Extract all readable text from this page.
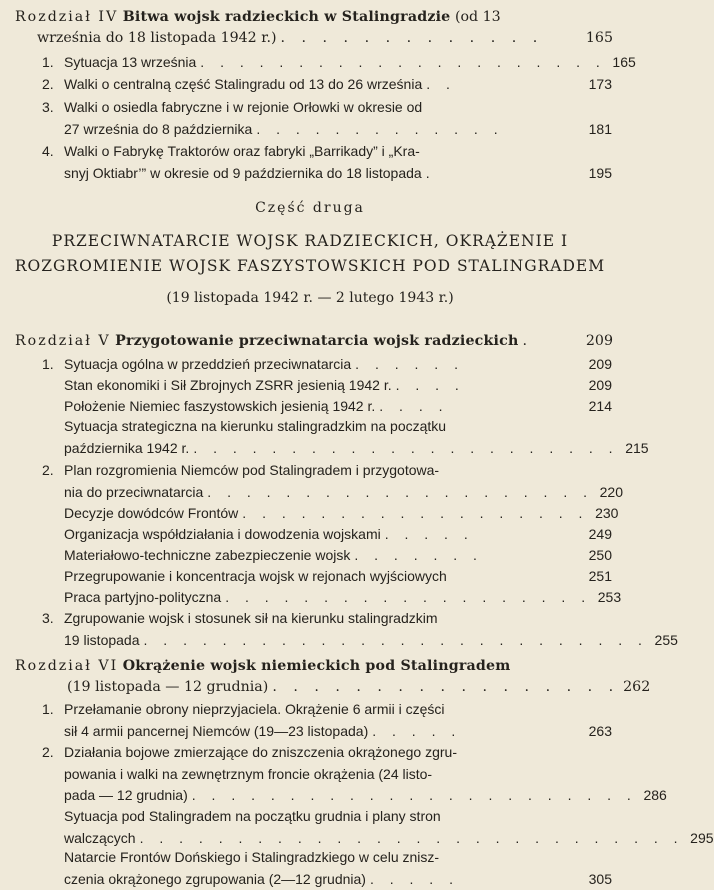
Rozdział IV
Bitwa wojsk radzieckich w Stalingradzie
(od 13
września do 18 listopada 1942 r.) . . . . . . . . . . . . .	165
1. Sytuacja 13 września . . . . . . . . . . . . . . . . . . . . . 165
2. Walki o centralną część Stalingradu od 13 do 26 września . .	173
3. Walki o osiedla fabryczne i w rejonie Orłowki w okresie od
27 września do 8 października . . . . . . . . . . . . .	181
4. Walki o Fabrykę Traktorów oraz fabryki „Barrikady” i „Kra-
snyj Oktiabr’” w okresie od 9 października do 18 listopada .	195
Część druga
PRZECIWNATARCIE WOJSK RADZIECKICH, OKRĄŻENIE I
ROZGROMIENIE WOJSK FASZYSTOWSKICH POD STALINGRADEM
(19 listopada 1942 r. — 2 lutego 1943 r.)
Rozdział V Przygotowanie przeciwnatarcia wojsk radzieckich .	209
1. Sytuacja ogólna w przeddzień przeciwnatarcia . . . . . .	209
Stan ekonomiki i Sił Zbrojnych ZSRR jesienią 1942 r. . . . .	209
Położenie Niemiec faszystowskich jesienią 1942 r. . . . .	214
Sytuacja strategiczna na kierunku stalingradzkim na początku
października 1942 r. . . . . . . . . . . . . . . . . . . . . . . 215
2. Plan rozgromienia Niemców pod Stalingradem i przygotowa-
nia do przeciwnatarcia . . . . . . . . . . . . . . . . . . . . 220
Decyzje dowódców Frontów . . . . . . . . . . . . . . . . . . 230
Organizacja współdziałania i dowodzenia wojskami . . . . .	249
Materiałowo-techniczne zabezpieczenie wojsk . . . . . . .	250
Przegrupowanie i koncentracja wojsk w rejonach wyjściowych	251
Praca partyjno-polityczna . . . . . . . . . . . . . . . . . . . 253
3. Zgrupowanie wojsk i stosunek sił na kierunku stalingradzkim
19 listopada . . . . . . . . . . . . . . . . . . . . . . . . . . 255
Rozdział VI Okrążenie wojsk niemieckich pod Stalingradem
(19 listopada — 12 grudnia) . . . . . . . . . . . . . . . . . 262
1. Przełamanie obrony nieprzyjaciela. Okrążenie 6 armii i części
sił 4 armii pancernej Niemców (19—23 listopada) . . . . .	263
2. Działania bojowe zmierzające do zniszczenia okrążonego zgru-
powania i walki na zewnętrznym froncie okrążenia (24 listo-
pada — 12 grudnia) . . . . . . . . . . . . . . . . . . . . . . . 286
Sytuacja pod Stalingradem na początku grudnia i plany stron
walczących . . . . . . . . . . . . . . . . . . . . . . . . . . . . 295
Natarcie Frontów Dońskiego i Stalingradzkiego w celu znisz-
czenia okrążonego zgrupowania (2—12 grudnia) . . . . .	305
